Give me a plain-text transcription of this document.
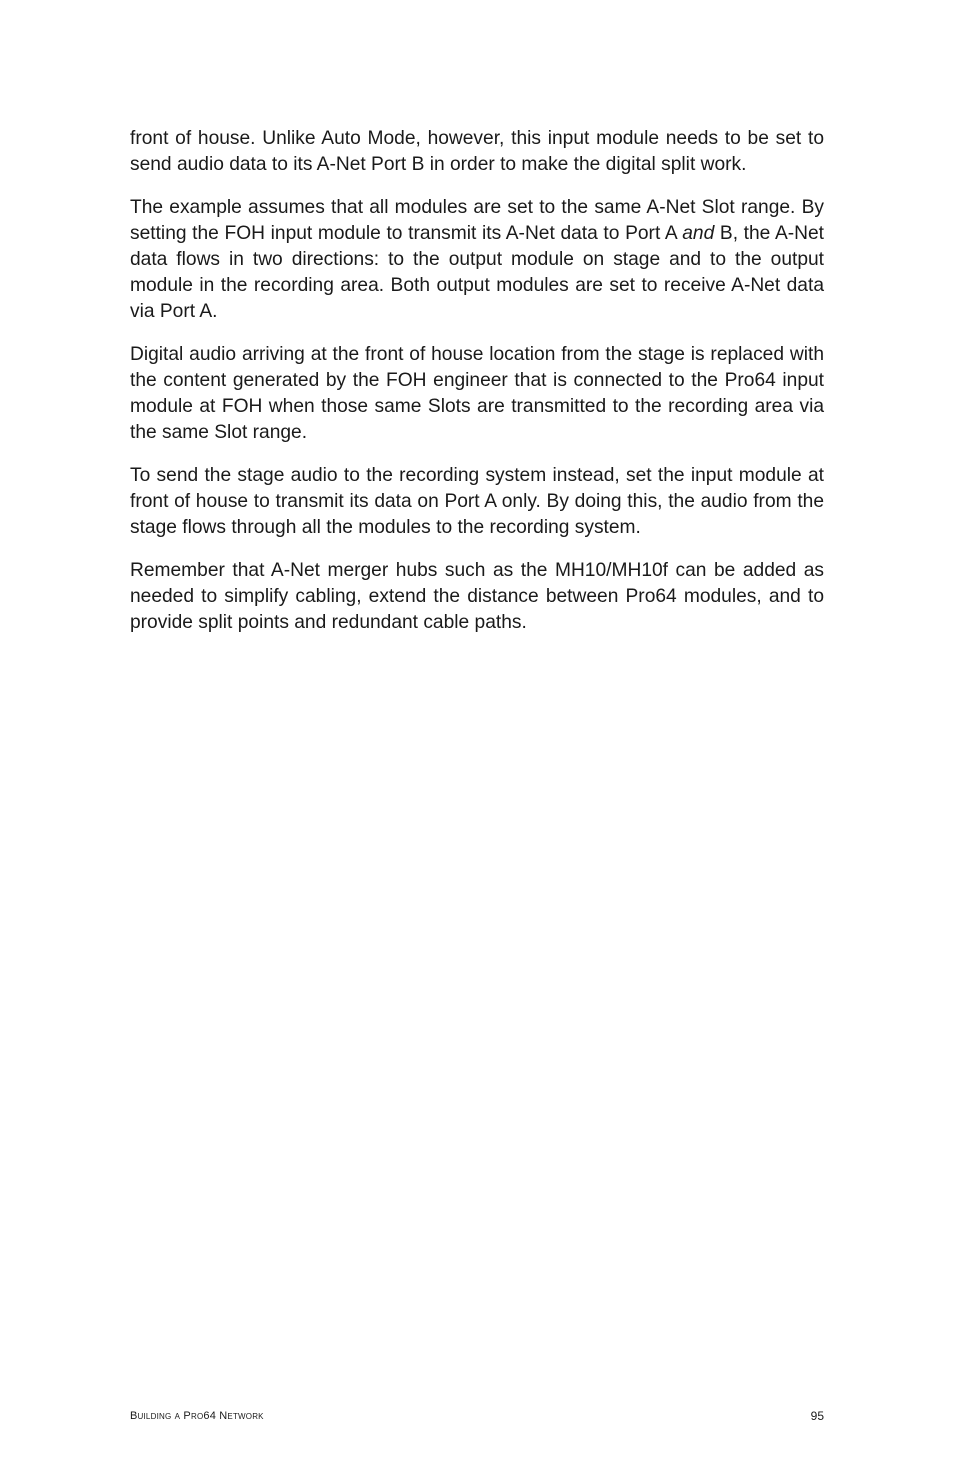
front of house. Unlike Auto Mode, however, this input module needs to be set to send audio data to its A-Net Port B in order to make the digital split work.

The example assumes that all modules are set to the same A-Net Slot range. By setting the FOH input module to transmit its A-Net data to Port A and B, the A-Net data flows in two directions: to the output module on stage and to the output module in the recording area. Both output modules are set to receive A-Net data via Port A.

Digital audio arriving at the front of house location from the stage is replaced with the content generated by the FOH engineer that is connected to the Pro64 input module at FOH when those same Slots are transmitted to the recording area via the same Slot range.

To send the stage audio to the recording system instead, set the input module at front of house to transmit its data on Port A only. By doing this, the audio from the stage flows through all the modules to the recording system.

Remember that A-Net merger hubs such as the MH10/MH10f can be added as needed to simplify cabling, extend the distance between Pro64 modules, and to provide split points and redundant cable paths.

Building a Pro64 Network	95
